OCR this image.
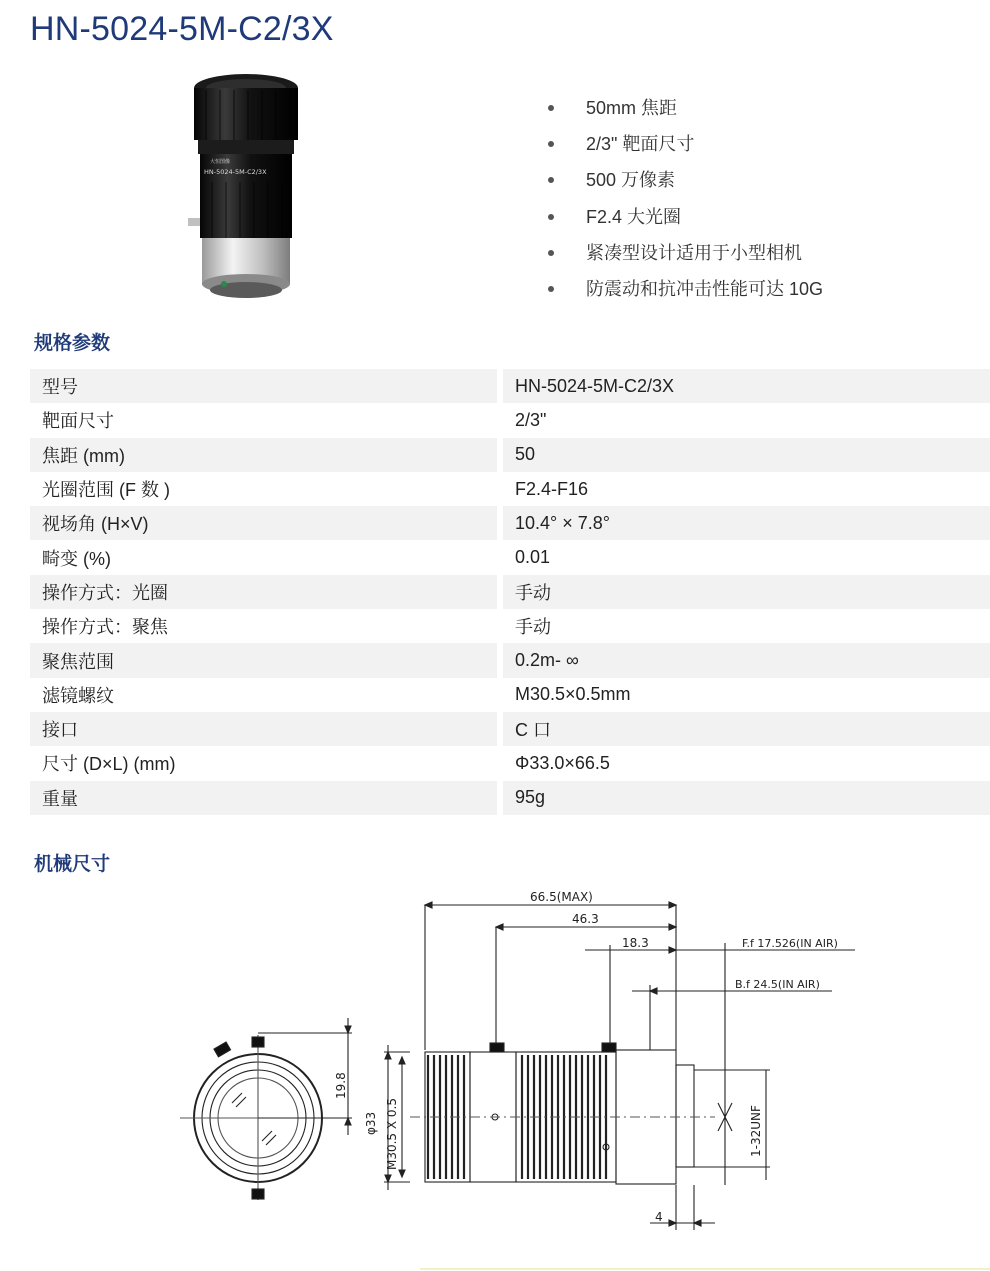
HN-5024-5M-C2/3X
大恒图像
HN-5024-5M-C2/3X
50mm 焦距
2/3" 靶面尺寸
500 万像素
F2.4 大光圈
紧凑型设计适用于小型相机
防震动和抗冲击性能可达 10G
规格参数
型号	HN-5024-5M-C2/3X
靶面尺寸	2/3"
焦距 (mm)	50
光圈范围 (F 数 )	F2.4-F16
视场角 (H×V)	10.4° × 7.8°
畸变 (%)	0.01
操作方式：光圈	手动
操作方式：聚焦	手动
聚焦范围	0.2m- ∞
滤镜螺纹	M30.5×0.5mm
接口	C 口
尺寸 (D×L) (mm)	Φ33.0×66.5
重量	95g
机械尺寸
66.5(MAX)
46.3
18.3	F.f 17.526(IN AIR)
B.f 24.5(IN AIR)
19.8
φ33 M30.5 X 0.5	1-32UNF
4
